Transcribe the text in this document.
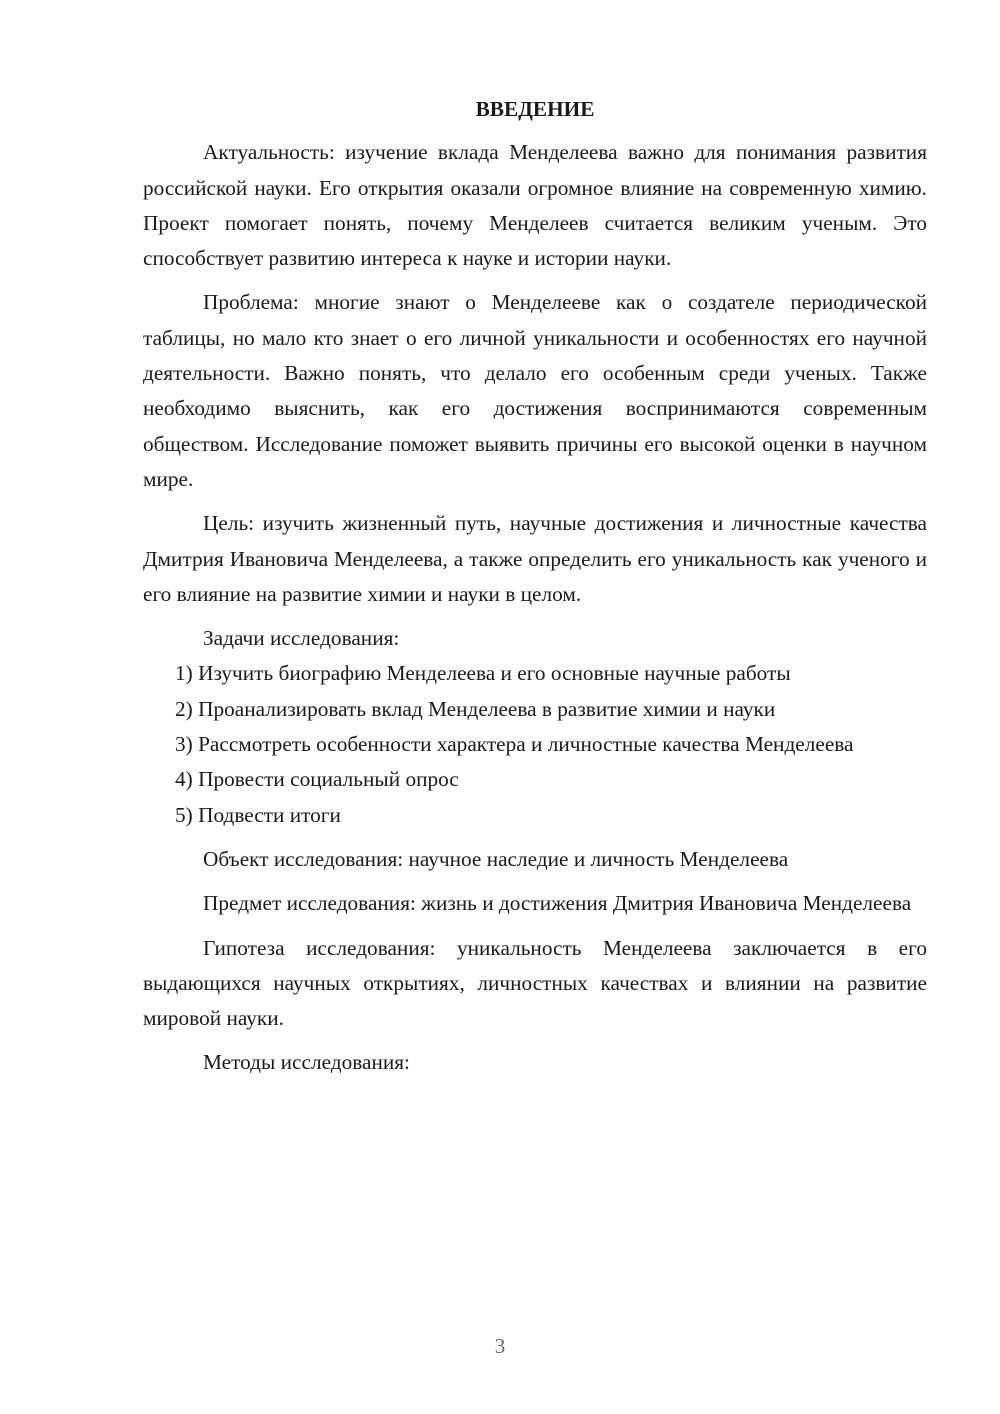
ВВЕДЕНИЕ

Актуальность: изучение вклада Менделеева важно для понимания развития российской науки. Его открытия оказали огромное влияние на современную химию. Проект помогает понять, почему Менделеев считается великим ученым. Это способствует развитию интереса к науке и истории науки.

Проблема: многие знают о Менделееве как о создателе периодической таблицы, но мало кто знает о его личной уникальности и особенностях его научной деятельности. Важно понять, что делало его особенным среди ученых. Также необходимо выяснить, как его достижения воспринимаются современным обществом. Исследование поможет выявить причины его высокой оценки в научном мире.

Цель: изучить жизненный путь, научные достижения и личностные качества Дмитрия Ивановича Менделеева, а также определить его уникальность как ученого и его влияние на развитие химии и науки в целом.

Задачи исследования:

1) Изучить биографию Менделеева и его основные научные работы

2) Проанализировать вклад Менделеева в развитие химии и науки

3) Рассмотреть особенности характера и личностные качества Менделеева

4) Провести социальный опрос

5) Подвести итоги

Объект исследования: научное наследие и личность Менделеева

Предмет исследования: жизнь и достижения Дмитрия Ивановича Менделеева

Гипотеза исследования: уникальность Менделеева заключается в его выдающихся научных открытиях, личностных качествах и влиянии на развитие мировой науки.

Методы исследования:

3
